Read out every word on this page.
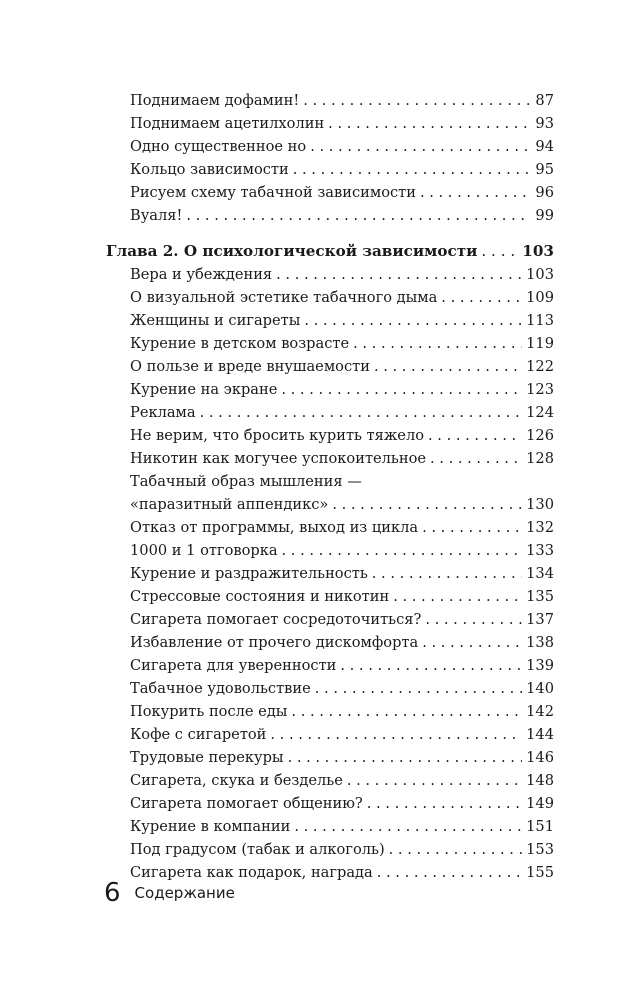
Поднимаем дофамин! . . .	87
Поднимаем ацетилхолин . . .	93
Одно существенное но . . .	94
Кольцо зависимости . . .	95
Рисуем схему табачной зависимости . . .	96
Вуаля! . . .	99
Глава 2. О психологической зависимости . . .	103
Вера и убеждения . . .	103
О визуальной эстетике табачного дыма . . .	109
Женщины и сигареты . . .	113
Курение в детском возрасте . . .	119
О пользе и вреде внушаемости . . .	122
Курение на экране . . .	123
Реклама . . .	124
Не верим, что бросить курить тяжело . . .	126
Никотин как могучее успокоительное . . .	128
Табачный образ мышления —
«паразитный аппендикс» . . .	130
Отказ от программы, выход из цикла . . .	132
1000 и 1 отговорка . . .	133
Курение и раздражительность . . .	134
Стрессовые состояния и никотин . . .	135
Сигарета помогает сосредоточиться? . . .	137
Избавление от прочего дискомфорта . . .	138
Сигарета для уверенности . . .	139
Табачное удовольствие . . .	140
Покурить после еды . . .	142
Кофе с сигаретой . . .	144
Трудовые перекуры . . .	146
Сигарета, скука и безделье . . .	148
Сигарета помогает общению? . . .	149
Курение в компании . . .	151
Под градусом (табак и алкоголь) . . .	153
Сигарета как подарок, награда . . .	155
6 Содержание
